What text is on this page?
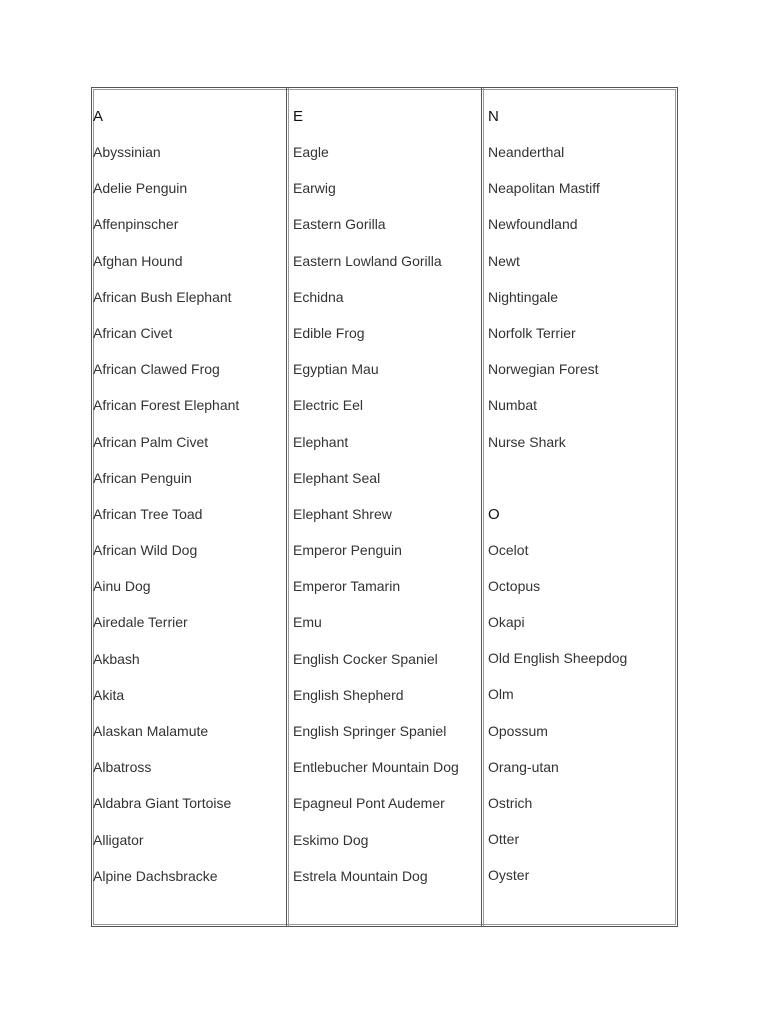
A
Abyssinian
Adelie Penguin
Affenpinscher
Afghan Hound
African Bush Elephant
African Civet
African Clawed Frog
African Forest Elephant
African Palm Civet
African Penguin
African Tree Toad
African Wild Dog
Ainu Dog
Airedale Terrier
Akbash
Akita
Alaskan Malamute
Albatross
Aldabra Giant Tortoise
Alligator
Alpine Dachsbracke
E
Eagle
Earwig
Eastern Gorilla
Eastern Lowland Gorilla
Echidna
Edible Frog
Egyptian Mau
Electric Eel
Elephant
Elephant Seal
Elephant Shrew
Emperor Penguin
Emperor Tamarin
Emu
English Cocker Spaniel
English Shepherd
English Springer Spaniel
Entlebucher Mountain Dog
Epagneul Pont Audemer
Eskimo Dog
Estrela Mountain Dog
N
Neanderthal
Neapolitan Mastiff
Newfoundland
Newt
Nightingale
Norfolk Terrier
Norwegian Forest
Numbat
Nurse Shark
O
Ocelot
Octopus
Okapi
Old English Sheepdog
Olm
Opossum
Orang-utan
Ostrich
Otter
Oyster
